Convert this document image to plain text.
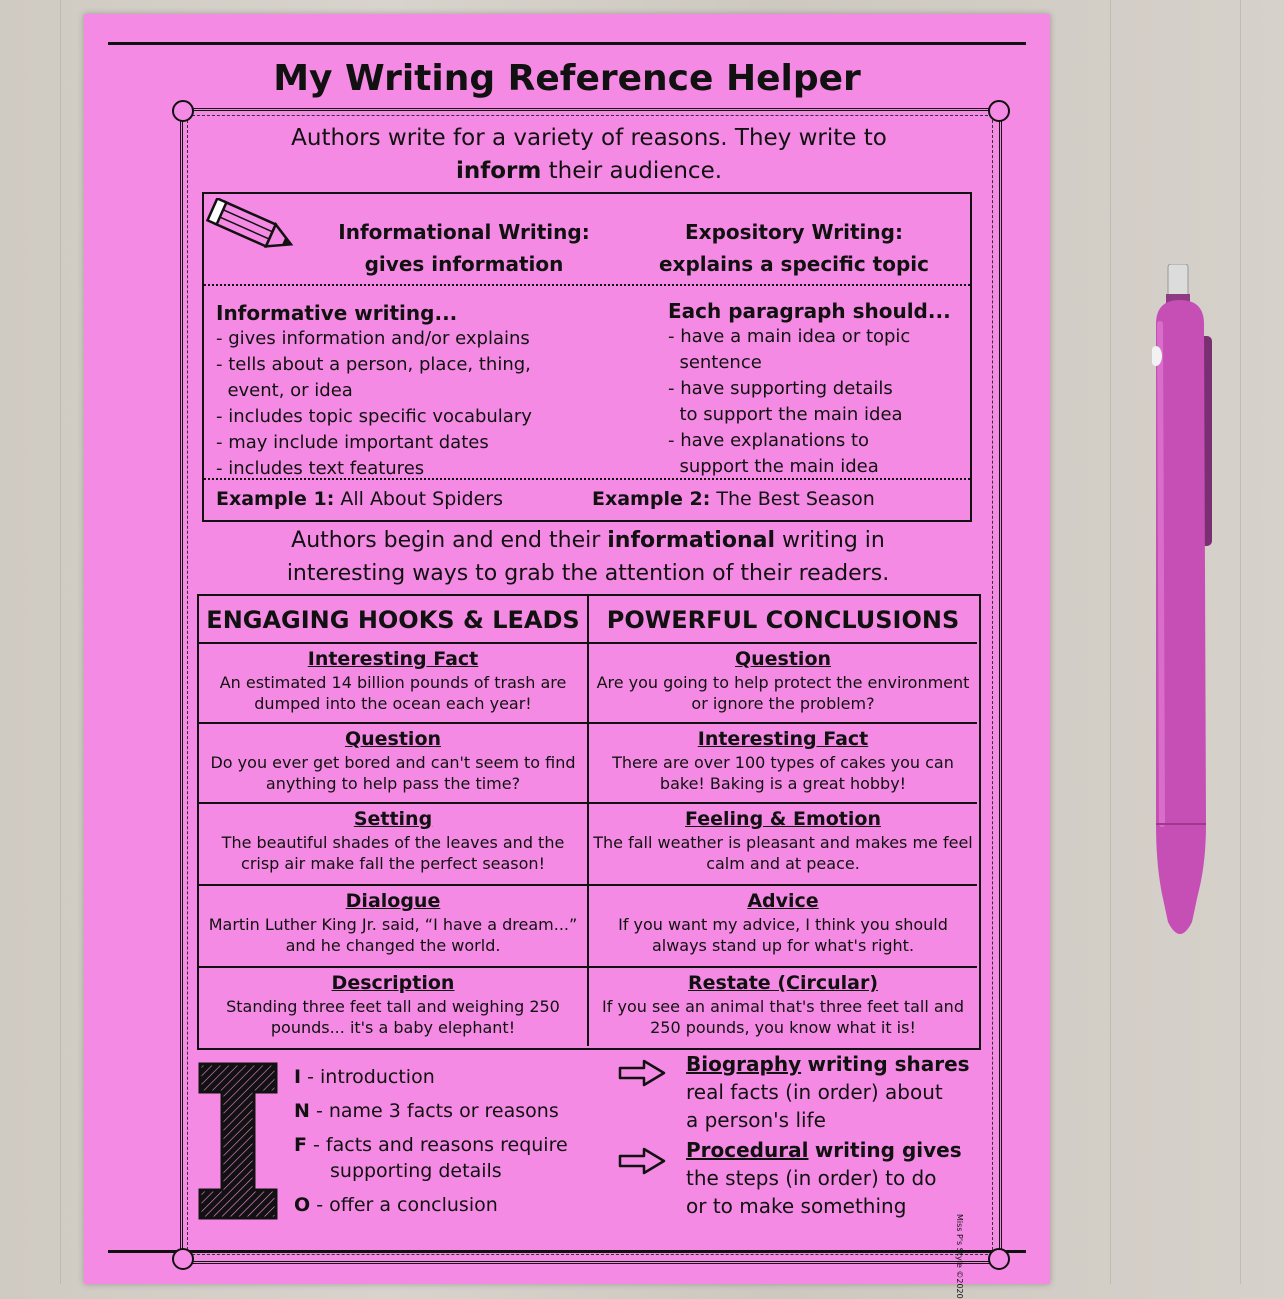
My Writing Reference Helper
Authors write for a variety of reasons. They write to
inform their audience.
Informational Writing:
gives information
Expository Writing:
explains a specific topic
Informative writing...
- gives information and/or explains
- tells about a person, place, thing,
event, or idea
- includes topic specific vocabulary
- may include important dates
- includes text features
Each paragraph should...
- have a main idea or topic
sentence
- have supporting details
to support the main idea
- have explanations to
support the main idea
Example 1: All About Spiders	Example 2: The Best Season
Authors begin and end their informational writing in
interesting ways to grab the attention of their readers.
ENGAGING HOOKS & LEADS	POWERFUL CONCLUSIONS
Interesting Fact
An estimated 14 billion pounds of trash are dumped into the ocean each year!
Question
Are you going to help protect the environment or ignore the problem?
Question
Do you ever get bored and can't seem to find anything to help pass the time?
Interesting Fact
There are over 100 types of cakes you can bake! Baking is a great hobby!
Setting
The beautiful shades of the leaves and the crisp air make fall the perfect season!
Feeling & Emotion
The fall weather is pleasant and makes me feel calm and at peace.
Dialogue
Martin Luther King Jr. said, “I have a dream...” and he changed the world.
Advice
If you want my advice, I think you should always stand up for what's right.
Description
Standing three feet tall and weighing 250 pounds... it's a baby elephant!
Restate (Circular)
If you see an animal that's three feet tall and 250 pounds, you know what it is!
I - introduction
N - name 3 facts or reasons
F - facts and reasons require
supporting details
O - offer a conclusion
Biography writing shares
real facts (in order) about
a person's life
Procedural writing gives
the steps (in order) to do
or to make something
Miss P's Style ©2020
